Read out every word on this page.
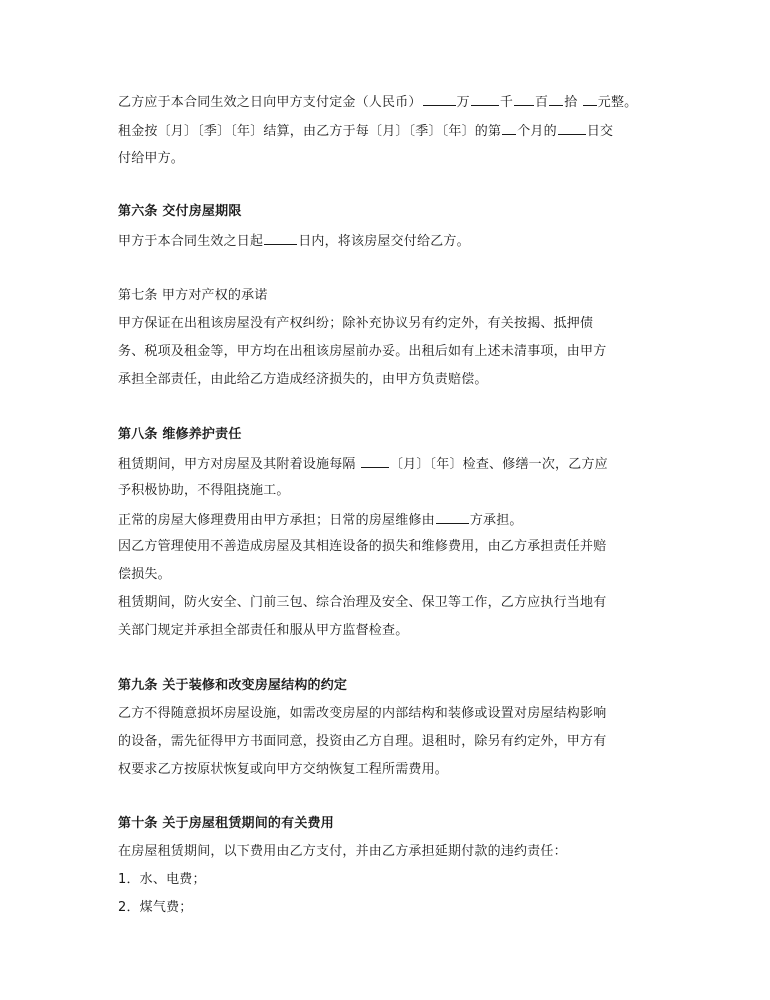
乙方应于本合同生效之日向甲方支付定金（人民币）	万 千 百 拾 元整。
租金按〔月〕〔季〕〔年〕结算，由乙方于每〔月〕〔季〕〔年〕的第 个月的 日交
付给甲方。
第六条 交付房屋期限
甲方于本合同生效之日起	日内，将该房屋交付给乙方。
第七条 甲方对产权的承诺
甲方保证在出租该房屋没有产权纠纷；除补充协议另有约定外，有关按揭、抵押债
务、税项及租金等，甲方均在出租该房屋前办妥。出租后如有上述未清事项，由甲方
承担全部责任，由此给乙方造成经济损失的，由甲方负责赔偿。
第八条 维修养护责任
租赁期间，甲方对房屋及其附着设施每隔	〔月〕〔年〕检查、修缮一次，乙方应
予积极协助，不得阻挠施工。
正常的房屋大修理费用由甲方承担；日常的房屋维修由	方承担。
因乙方管理使用不善造成房屋及其相连设备的损失和维修费用，由乙方承担责任并赔
偿损失。
租赁期间，防火安全、门前三包、综合治理及安全、保卫等工作，乙方应执行当地有
关部门规定并承担全部责任和服从甲方监督检查。
第九条 关于装修和改变房屋结构的约定
乙方不得随意损坏房屋设施，如需改变房屋的内部结构和装修或设置对房屋结构影响
的设备，需先征得甲方书面同意，投资由乙方自理。退租时，除另有约定外，甲方有
权要求乙方按原状恢复或向甲方交纳恢复工程所需费用。
第十条 关于房屋租赁期间的有关费用
在房屋租赁期间，以下费用由乙方支付，并由乙方承担延期付款的违约责任：
1．水、电费；
2．煤气费；
